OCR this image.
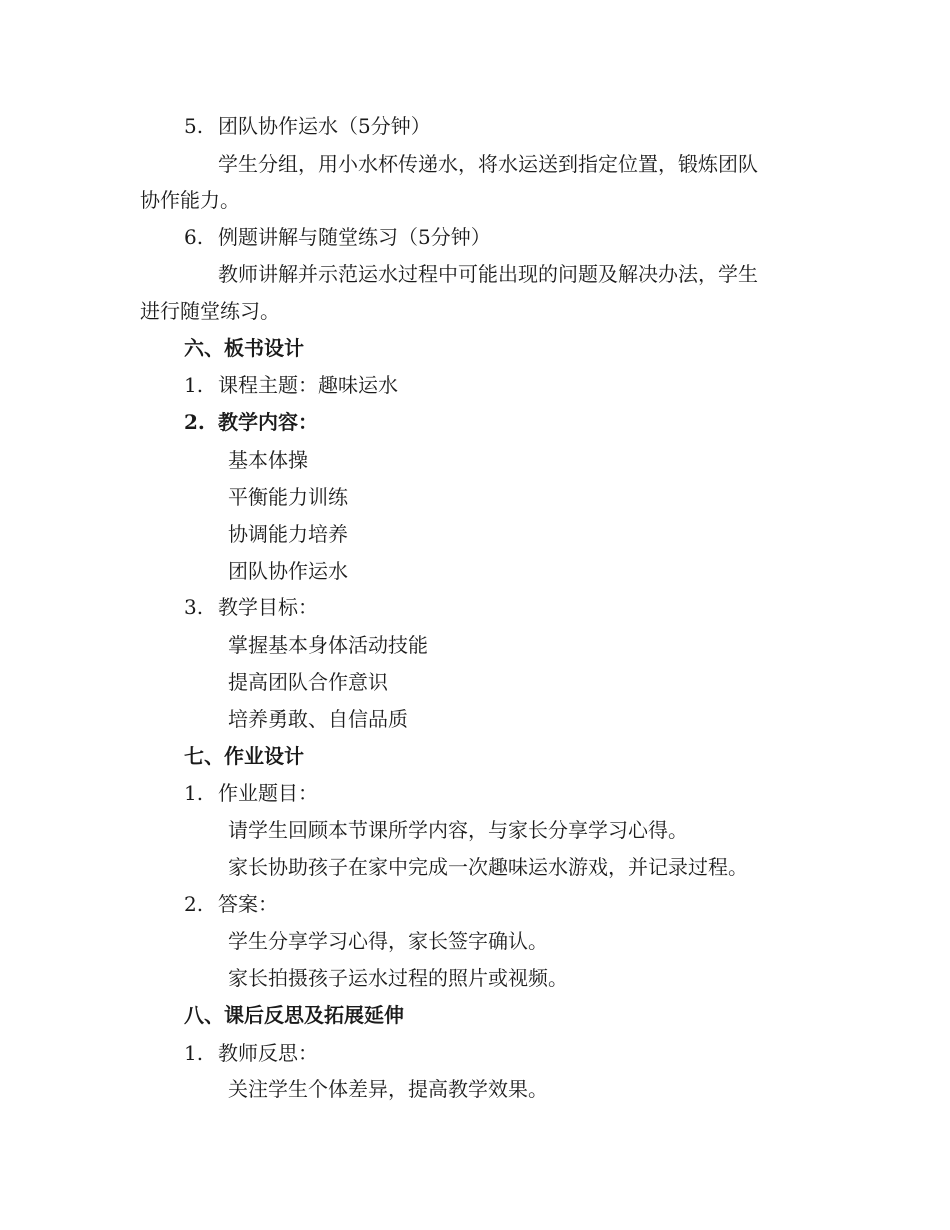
5. 团队协作运水（5分钟）
学生分组，用小水杯传递水，将水运送到指定位置，锻炼团队
协作能力。
6. 例题讲解与随堂练习（5分钟）
教师讲解并示范运水过程中可能出现的问题及解决办法，学生
进行随堂练习。
六、板书设计
1. 课程主题：趣味运水
2. 教学内容：
基本体操
平衡能力训练
协调能力培养
团队协作运水
3. 教学目标：
掌握基本身体活动技能
提高团队合作意识
培养勇敢、自信品质
七、作业设计
1. 作业题目：
请学生回顾本节课所学内容，与家长分享学习心得。
家长协助孩子在家中完成一次趣味运水游戏，并记录过程。
2. 答案：
学生分享学习心得，家长签字确认。
家长拍摄孩子运水过程的照片或视频。
八、课后反思及拓展延伸
1. 教师反思：
关注学生个体差异，提高教学效果。
